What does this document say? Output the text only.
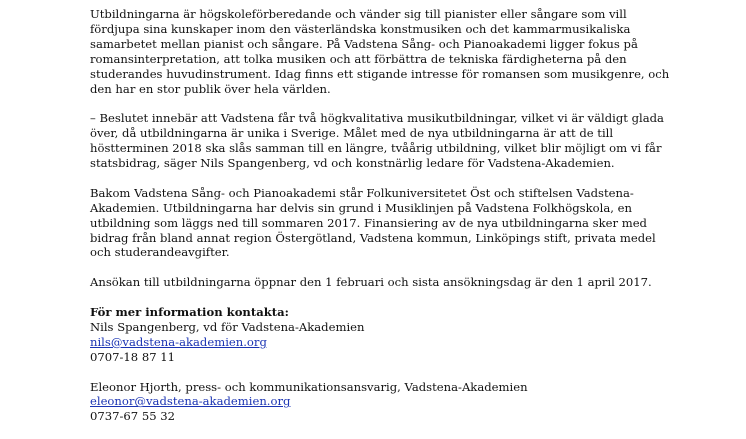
Utbildningarna är högskoleförberedande och vänder sig till pianister eller sångare som vill fördjupa sina kunskaper inom den västerländska konstmusiken och det kammarmusikaliska samarbetet mellan pianist och sångare. På Vadstena Sång- och Pianoakademi ligger fokus på romansinterpretation, att tolka musiken och att förbättra de tekniska färdigheterna på den studerandes huvudinstrument. Idag finns ett stigande intresse för romansen som musikgenre, och den har en stor publik över hela världen.

– Beslutet innebär att Vadstena får två högkvalitativa musikutbildningar, vilket vi är väldigt glada över, då utbildningarna är unika i Sverige. Målet med de nya utbildningarna är att de till höstterminen 2018 ska slås samman till en längre, tvåårig utbildning, vilket blir möjligt om vi får statsbidrag, säger Nils Spangenberg, vd och konstnärlig ledare för Vadstena-Akademien.

Bakom Vadstena Sång- och Pianoakademi står Folkuniversitetet Öst och stiftelsen Vadstena-Akademien. Utbildningarna har delvis sin grund i Musiklinjen på Vadstena Folkhögskola, en utbildning som läggs ned till sommaren 2017. Finansiering av de nya utbildningarna sker med bidrag från bland annat region Östergötland, Vadstena kommun, Linköpings stift, privata medel och studerandeavgifter.

Ansökan till utbildningarna öppnar den 1 februari och sista ansökningsdag är den 1 april 2017.

För mer information kontakta:
Nils Spangenberg, vd för Vadstena-Akademien
nils@vadstena-akademien.org
0707-18 87 11
Eleonor Hjorth, press- och kommunikationsansvarig, Vadstena-Akademien
eleonor@vadstena-akademien.org
0737-67 55 32
